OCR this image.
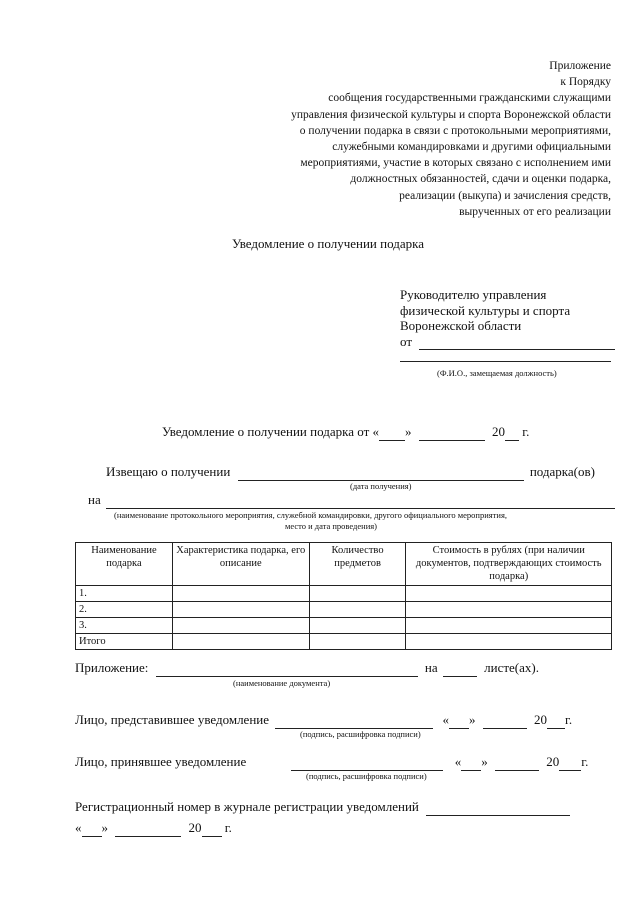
Приложение
к Порядку
сообщения государственными гражданскими служащими
управления физической культуры и спорта Воронежской области
о получении подарка в связи с протокольными мероприятиями,
служебными командировками и другими официальными
мероприятиями, участие в которых связано с исполнением ими
должностных обязанностей, сдачи и оценки подарка,
реализации (выкупа) и зачисления средств,
вырученных от его реализации
Уведомление о получении подарка
Руководителю управления
физической культуры и спорта
Воронежской области
от
(Ф.И.О., замещаемая должность)
Уведомление о получении подарка от « »	20 г.
Извещаю о получении	подарка(ов)
(дата получения)
на
(наименование протокольного мероприятия, служебной командировки, другого официального мероприятия,
место и дата проведения)
Наименование подарка	Характеристика подарка, его описание	Количество предметов	Стоимость в рублях (при наличии документов, подтверждающих стоимость подарка)
1.			
2.			
3.			
Итого			
Приложение:	на	листе(ах).
(наименование документа)
Лицо, представившее уведомление	« »	20 г.
(подпись, расшифровка подписи)
Лицо, принявшее уведомление	« »	20 г.
(подпись, расшифровка подписи)
Регистрационный номер в журнале регистрации уведомлений
« »	20 г.
